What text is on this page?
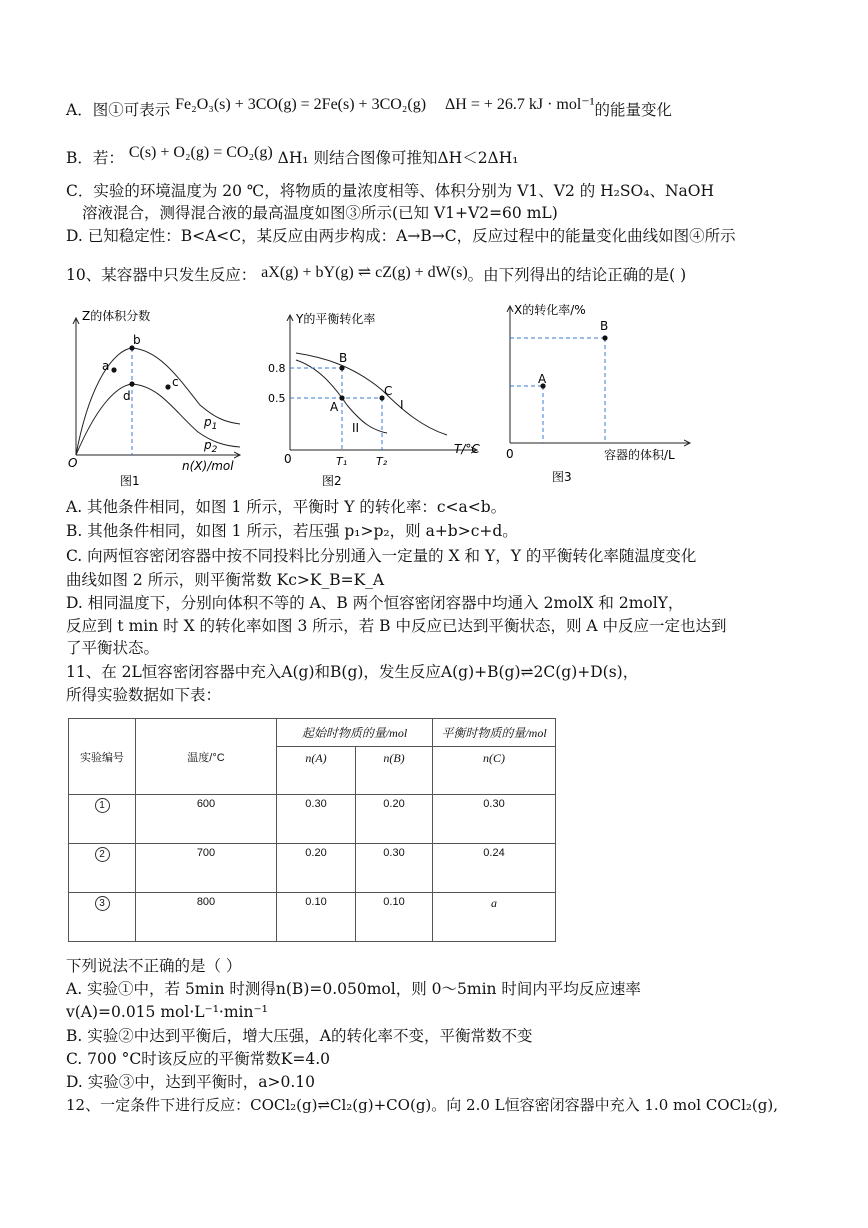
A．图①可表示 Fe₂O₃(s) + 3CO(g) = 2Fe(s) + 3CO₂(g) ΔH = + 26.7 kJ · mol⁻¹的能量变化
B．若： C(s) + O₂(g) = CO₂(g) ΔH₁ 则结合图像可推知ΔH＜2ΔH₁
C．实验的环境温度为 20 ℃，将物质的量浓度相等、体积分别为 V1、V2 的 H₂SO₄、NaOH
溶液混合，测得混合液的最高温度如图③所示(已知 V1+V2=60 mL)
D. 已知稳定性：B<A<C，某反应由两步构成：A→B→C，反应过程中的能量变化曲线如图④所示
10、某容器中只发生反应： aX(g) + bY(g) ⇌ cZ(g) + dW(s)。由下列得出的结论正确的是( )
a
b
c
d
$p_1$
$p_2$
Z的体积分数
n(X)/mol
O
图1
B
A
C
I
II
0.8
0.5
T₁	T₂
Y的平衡转化率
T/°C
0
图2
A
B
X的转化率/%
容器的体积/L
0
图3
A. 其他条件相同，如图 1 所示，平衡时 Y 的转化率：c<a<b。
B. 其他条件相同，如图 1 所示，若压强 p₁>p₂，则 a+b>c+d。
C. 向两恒容密闭容器中按不同投料比分别通入一定量的 X 和 Y，Y 的平衡转化率随温度变化
曲线如图 2 所示，则平衡常数 Kc>K_B=K_A
D. 相同温度下，分别向体积不等的 A、B 两个恒容密闭容器中均通入 2molX 和 2molY，
反应到 t min 时 X 的转化率如图 3 所示，若 B 中反应已达到平衡状态，则 A 中反应一定也达到
了平衡状态。
11、在 2L恒容密闭容器中充入A(g)和B(g)，发生反应A(g)+B(g)⇌2C(g)+D(s)，
所得实验数据如下表：
实验编号	温度/°C	起始时物质的量/mol		平衡时物质的量/mol
		n(A)	n(B)	n(C)
1	600	0.30	0.20	0.30
2	700	0.20	0.30	0.24
3	800	0.10	0.10	a
下列说法不正确的是（ ）
A. 实验①中，若 5min 时测得n(B)=0.050mol，则 0～5min 时间内平均反应速率
v(A)=0.015 mol·L⁻¹·min⁻¹
B. 实验②中达到平衡后，增大压强，A的转化率不变，平衡常数不变
C. 700 °C时该反应的平衡常数K=4.0
D. 实验③中，达到平衡时，a>0.10
12、一定条件下进行反应：COCl₂(g)⇌Cl₂(g)+CO(g)。向 2.0 L恒容密闭容器中充入 1.0 mol COCl₂(g),
